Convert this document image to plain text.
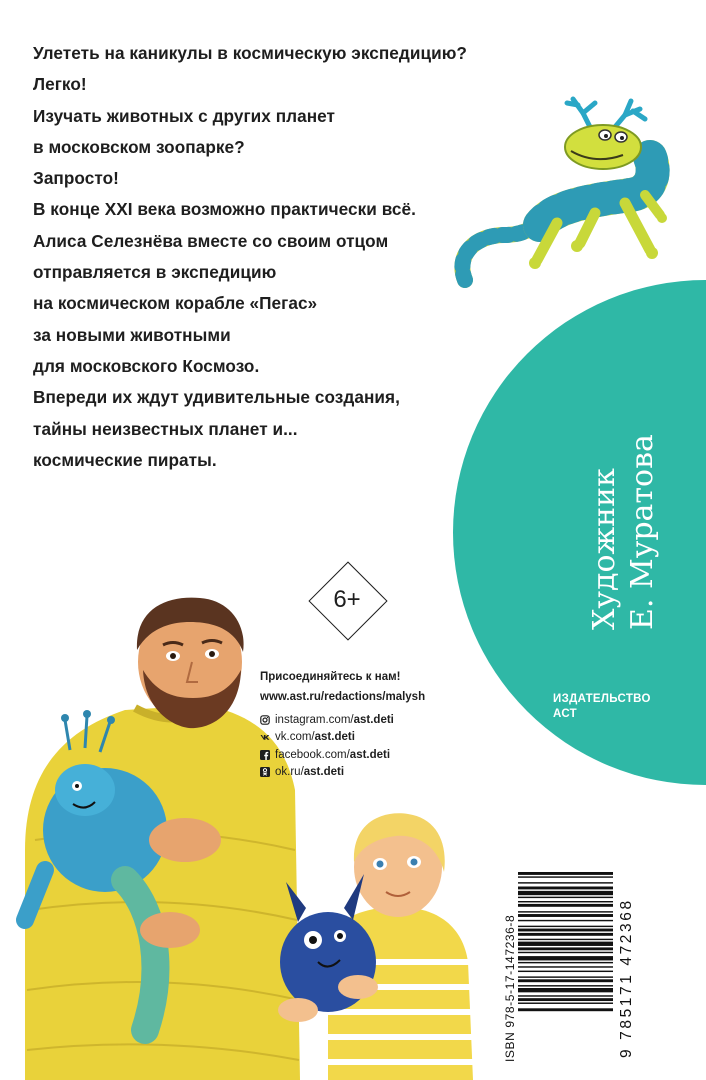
Улететь на каникулы в космическую экспедицию?

Легко!

Изучать животных с других планет

в московском зоопарке?

Запросто!

В конце XXI века возможно практически всё.

Алиса Селезнёва вместе со своим отцом

отправляется в экспедицию

на космическом корабле «Пегас»

за новыми животными

для московского Космозо.

Впереди их ждут удивительные создания,

тайны неизвестных планет и...

космические пираты.

Художник Е. Муратова
ИЗДАТЕЛЬСТВО
АСТ
6+
Присоединяйтесь к нам!
www.ast.ru/redactions/malysh
instagram.com/ ast.deti
vk.com/ ast.deti
facebook.com/ ast.deti
ok.ru/ ast.deti
ISBN 978-5-17-147236-8	9 785171 472368
